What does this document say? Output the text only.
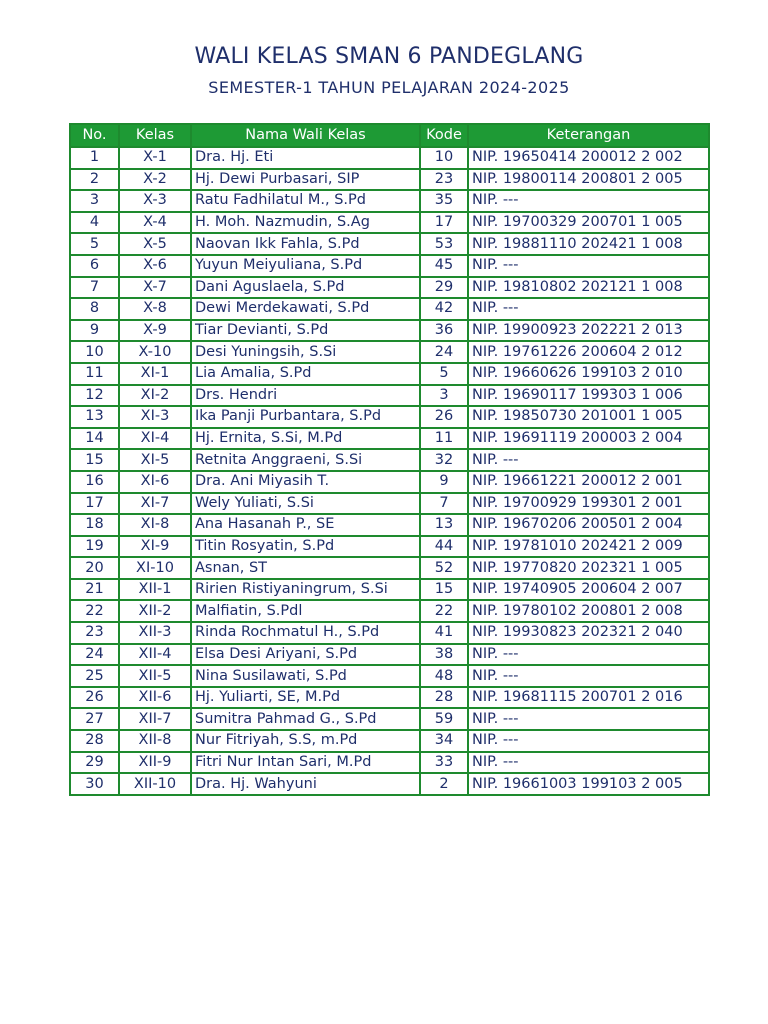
WALI KELAS SMAN 6 PANDEGLANG
SEMESTER-1 TAHUN PELAJARAN 2024-2025
No.	Kelas	Nama Wali Kelas	Kode	Keterangan
1	X-1	Dra. Hj. Eti	10	NIP. 19650414 200012 2 002
2	X-2	Hj. Dewi Purbasari, SIP	23	NIP. 19800114 200801 2 005
3	X-3	Ratu Fadhilatul M., S.Pd	35	NIP. ---
4	X-4	H. Moh. Nazmudin, S.Ag	17	NIP. 19700329 200701 1 005
5	X-5	Naovan Ikk Fahla, S.Pd	53	NIP. 19881110 202421 1 008
6	X-6	Yuyun Meiyuliana, S.Pd	45	NIP. ---
7	X-7	Dani Aguslaela, S.Pd	29	NIP. 19810802 202121 1 008
8	X-8	Dewi Merdekawati, S.Pd	42	NIP. ---
9	X-9	Tiar Devianti, S.Pd	36	NIP. 19900923 202221 2 013
10	X-10	Desi Yuningsih, S.Si	24	NIP. 19761226 200604 2 012
11	XI-1	Lia Amalia, S.Pd	5	NIP. 19660626 199103 2 010
12	XI-2	Drs. Hendri	3	NIP. 19690117 199303 1 006
13	XI-3	Ika Panji Purbantara, S.Pd	26	NIP. 19850730 201001 1 005
14	XI-4	Hj. Ernita, S.Si, M.Pd	11	NIP. 19691119 200003 2 004
15	XI-5	Retnita Anggraeni, S.Si	32	NIP. ---
16	XI-6	Dra. Ani Miyasih T.	9	NIP. 19661221 200012 2 001
17	XI-7	Wely Yuliati, S.Si	7	NIP. 19700929 199301 2 001
18	XI-8	Ana Hasanah P., SE	13	NIP. 19670206 200501 2 004
19	XI-9	Titin Rosyatin, S.Pd	44	NIP. 19781010 202421 2 009
20	XI-10	Asnan, ST	52	NIP. 19770820 202321 1 005
21	XII-1	Ririen Ristiyaningrum, S.Si	15	NIP. 19740905 200604 2 007
22	XII-2	Malfiatin, S.Pdl	22	NIP. 19780102 200801 2 008
23	XII-3	Rinda Rochmatul H., S.Pd	41	NIP. 19930823 202321 2 040
24	XII-4	Elsa Desi Ariyani, S.Pd	38	NIP. ---
25	XII-5	Nina Susilawati, S.Pd	48	NIP. ---
26	XII-6	Hj. Yuliarti, SE, M.Pd	28	NIP. 19681115 200701 2 016
27	XII-7	Sumitra Pahmad G., S.Pd	59	NIP. ---
28	XII-8	Nur Fitriyah, S.S, m.Pd	34	NIP. ---
29	XII-9	Fitri Nur Intan Sari, M.Pd	33	NIP. ---
30	XII-10	Dra. Hj. Wahyuni	2	NIP. 19661003 199103 2 005
